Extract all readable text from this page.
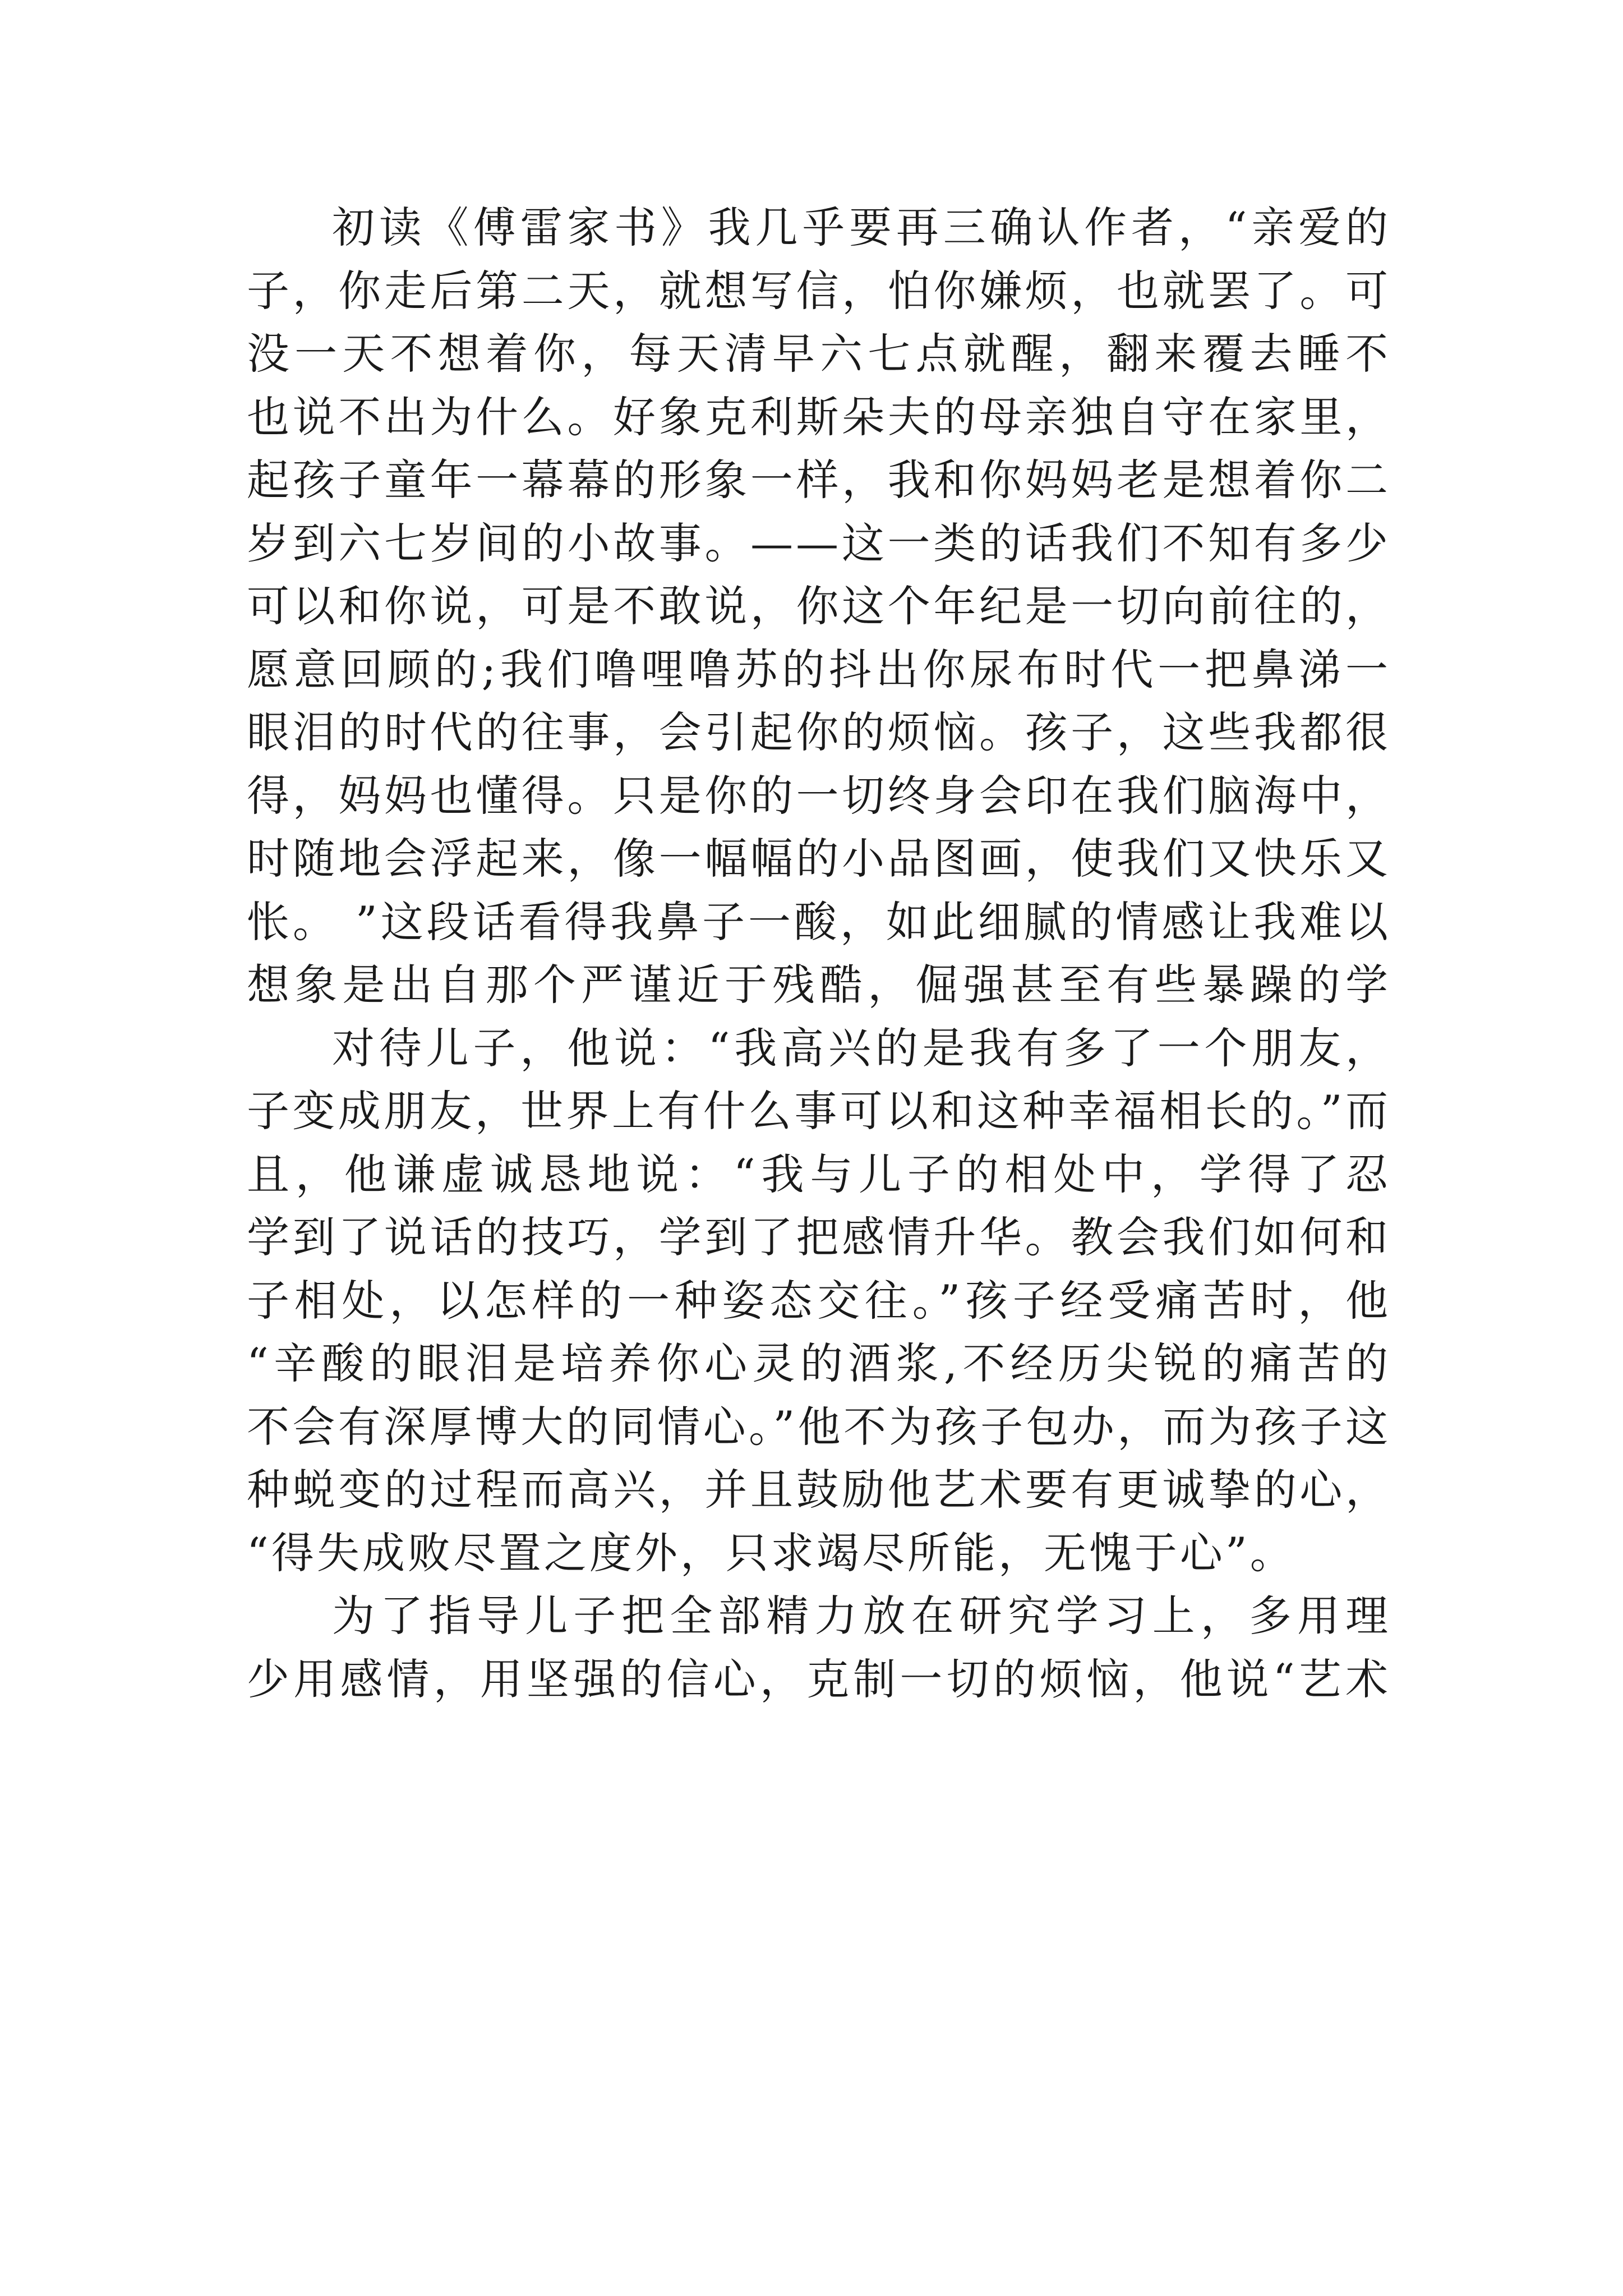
初读《傅雷家书》我几乎要再三确认作者，“亲爱的
子，你走后第二天，就想写信，怕你嫌烦，也就罢了。可
没一天不想着你，每天清早六七点就醒，翻来覆去睡不
也说不出为什么。好象克利斯朵夫的母亲独自守在家里，
起孩子童年一幕幕的形象一样，我和你妈妈老是想着你二
岁到六七岁间的小故事。——这一类的话我们不知有多少
可以和你说，可是不敢说，你这个年纪是一切向前往的，
愿意回顾的;我们噜哩噜苏的抖出你尿布时代一把鼻涕一
眼泪的时代的往事，会引起你的烦恼。孩子，这些我都很
得，妈妈也懂得。只是你的一切终身会印在我们脑海中，
时随地会浮起来，像一幅幅的小品图画，使我们又快乐又
怅。 ”这段话看得我鼻子一酸，如此细腻的情感让我难以
想象是出自那个严谨近于残酷，倔强甚至有些暴躁的学
对待儿子，他说：“我高兴的是我有多了一个朋友，
子变成朋友，世界上有什么事可以和这种幸福相长的。”而
且，他谦虚诚恳地说：“我与儿子的相处中，学得了忍
学到了说话的技巧，学到了把感情升华。教会我们如何和
子相处，以怎样的一种姿态交往。”孩子经受痛苦时，他
“辛酸的眼泪是培养你心灵的酒浆,不经历尖锐的痛苦的
不会有深厚博大的同情心。”他不为孩子包办，而为孩子这
种蜕变的过程而高兴，并且鼓励他艺术要有更诚挚的心，
“得失成败尽置之度外，只求竭尽所能，无愧于心”。
为了指导儿子把全部精力放在研究学习上，多用理
少用感情，用坚强的信心，克制一切的烦恼，他说“艺术
